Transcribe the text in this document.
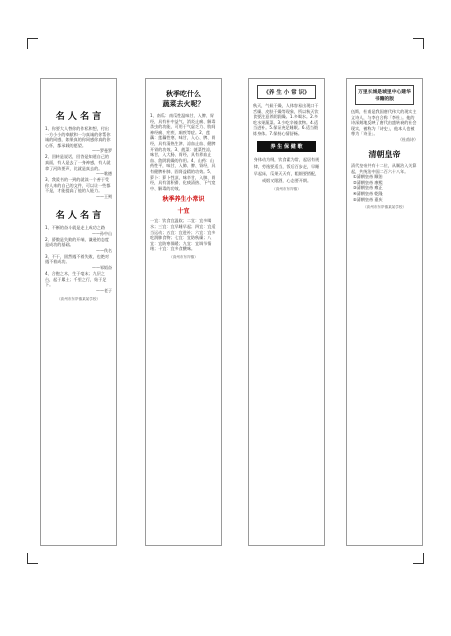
名 人 名 言
1、你要大人替你的作私和想，付出一方小小的奉献和一与真诚的你帮你诚的同感，如果真的你同感你真的你心怀，都承载的愿望。
——罗曼罗
2、回转是说话，回答是知道自己的真面，有人是去了一身神感，有人就拿了河阵要声，比就是真去的。
——歌德
3、我爱书的一到的就读一个善于受你人来的自己的文件，可以让一些都不是，才能提高了他的人能力。
——王朔
名 人 名 言
1、不断的奋斗就是走上成功之路
——孙中山
2、骄傲是失败的开端，谦逊的态度是成功的基础。
——佚名
3、不干，固然遇不着失败，也绝对遇不着成功。
——邹韬奋
4、合抱之木，生于毫末；九层之台，起于累土；千里之行，始于足下。
——老子
（高州市东岸镇某某学校）
秋季吃什么
蔬菜去火呢？
1、南瓜：南瓜性温味甘，入脾、胃经，具有补中益气、消炎止痛、解毒杀虫的功能，可用于气虚乏力、肋间神经痛、疟疾、痢疾等症。2、莲藕：莲藕性寒，味甘，入心、脾、胃经，具有清热生津、凉血止血、健脾开胃的功效。3、菠菜：菠菜性凉，味甘，入大肠、胃经，具有养血止血、敛阴润燥的作用。4、山药：山药性平，味甘，入肺、脾、肾经，具有健脾补肺、固肾益精的功效。5、萝卜：萝卜性凉，味辛甘，入肺、胃经，具有消积滞、化痰清热、下气宽中、解毒的功效。
秋季养生小常识
十宜
一宜：饮食宜温软；二宜：宜多喝水；三宜：宜早睡早起；四宜：宜适当运动；五宜：宜进补；六宜：宜多吃润肺食物；七宜：宜防秋燥；八宜：宜防寒保暖；九宜：宜调节情绪；十宜：宜多食酸味。
（高州市东岸镇）
《养 生 小 常 识》
秋天，气候干燥，人体容易出现口干舌燥、皮肤干燥等现象，所以秋天饮食要注意养阴润燥。1.多喝水。2.多吃水果蔬菜。3.少吃辛辣食物。4.适当进补。5.保证充足睡眠。6.适当锻炼身体。7.保持心情舒畅。
养 生 保 健 歌
身体动为纲，饮食素为常，起居有规律，劳逸要适当，饭后百步走，早睡早起床，瓜果天天有，粗细要搭配，戒烟又限酒，心态要开朗。
（高州市东岸镇）
万里长城是城里中心建华书籍的版
伍斯，杜甫是我国唐代伟大的现实主义诗人，与李白合称「李杜」。他的诗深刻地反映了唐代由盛转衰的社会现实，被称为「诗史」，他本人也被尊为「诗圣」。
（杜甫诗）
清朝皇帝
清代皇帝共有十二位，从顺治入关算起，共统治中国二百六十八年。
①清朝皇帝 顺治
②清朝皇帝 康熙
③清朝皇帝 雍正
④清朝皇帝 乾隆
⑤清朝皇帝 嘉庆
（高州市东岸镇某某学校）
